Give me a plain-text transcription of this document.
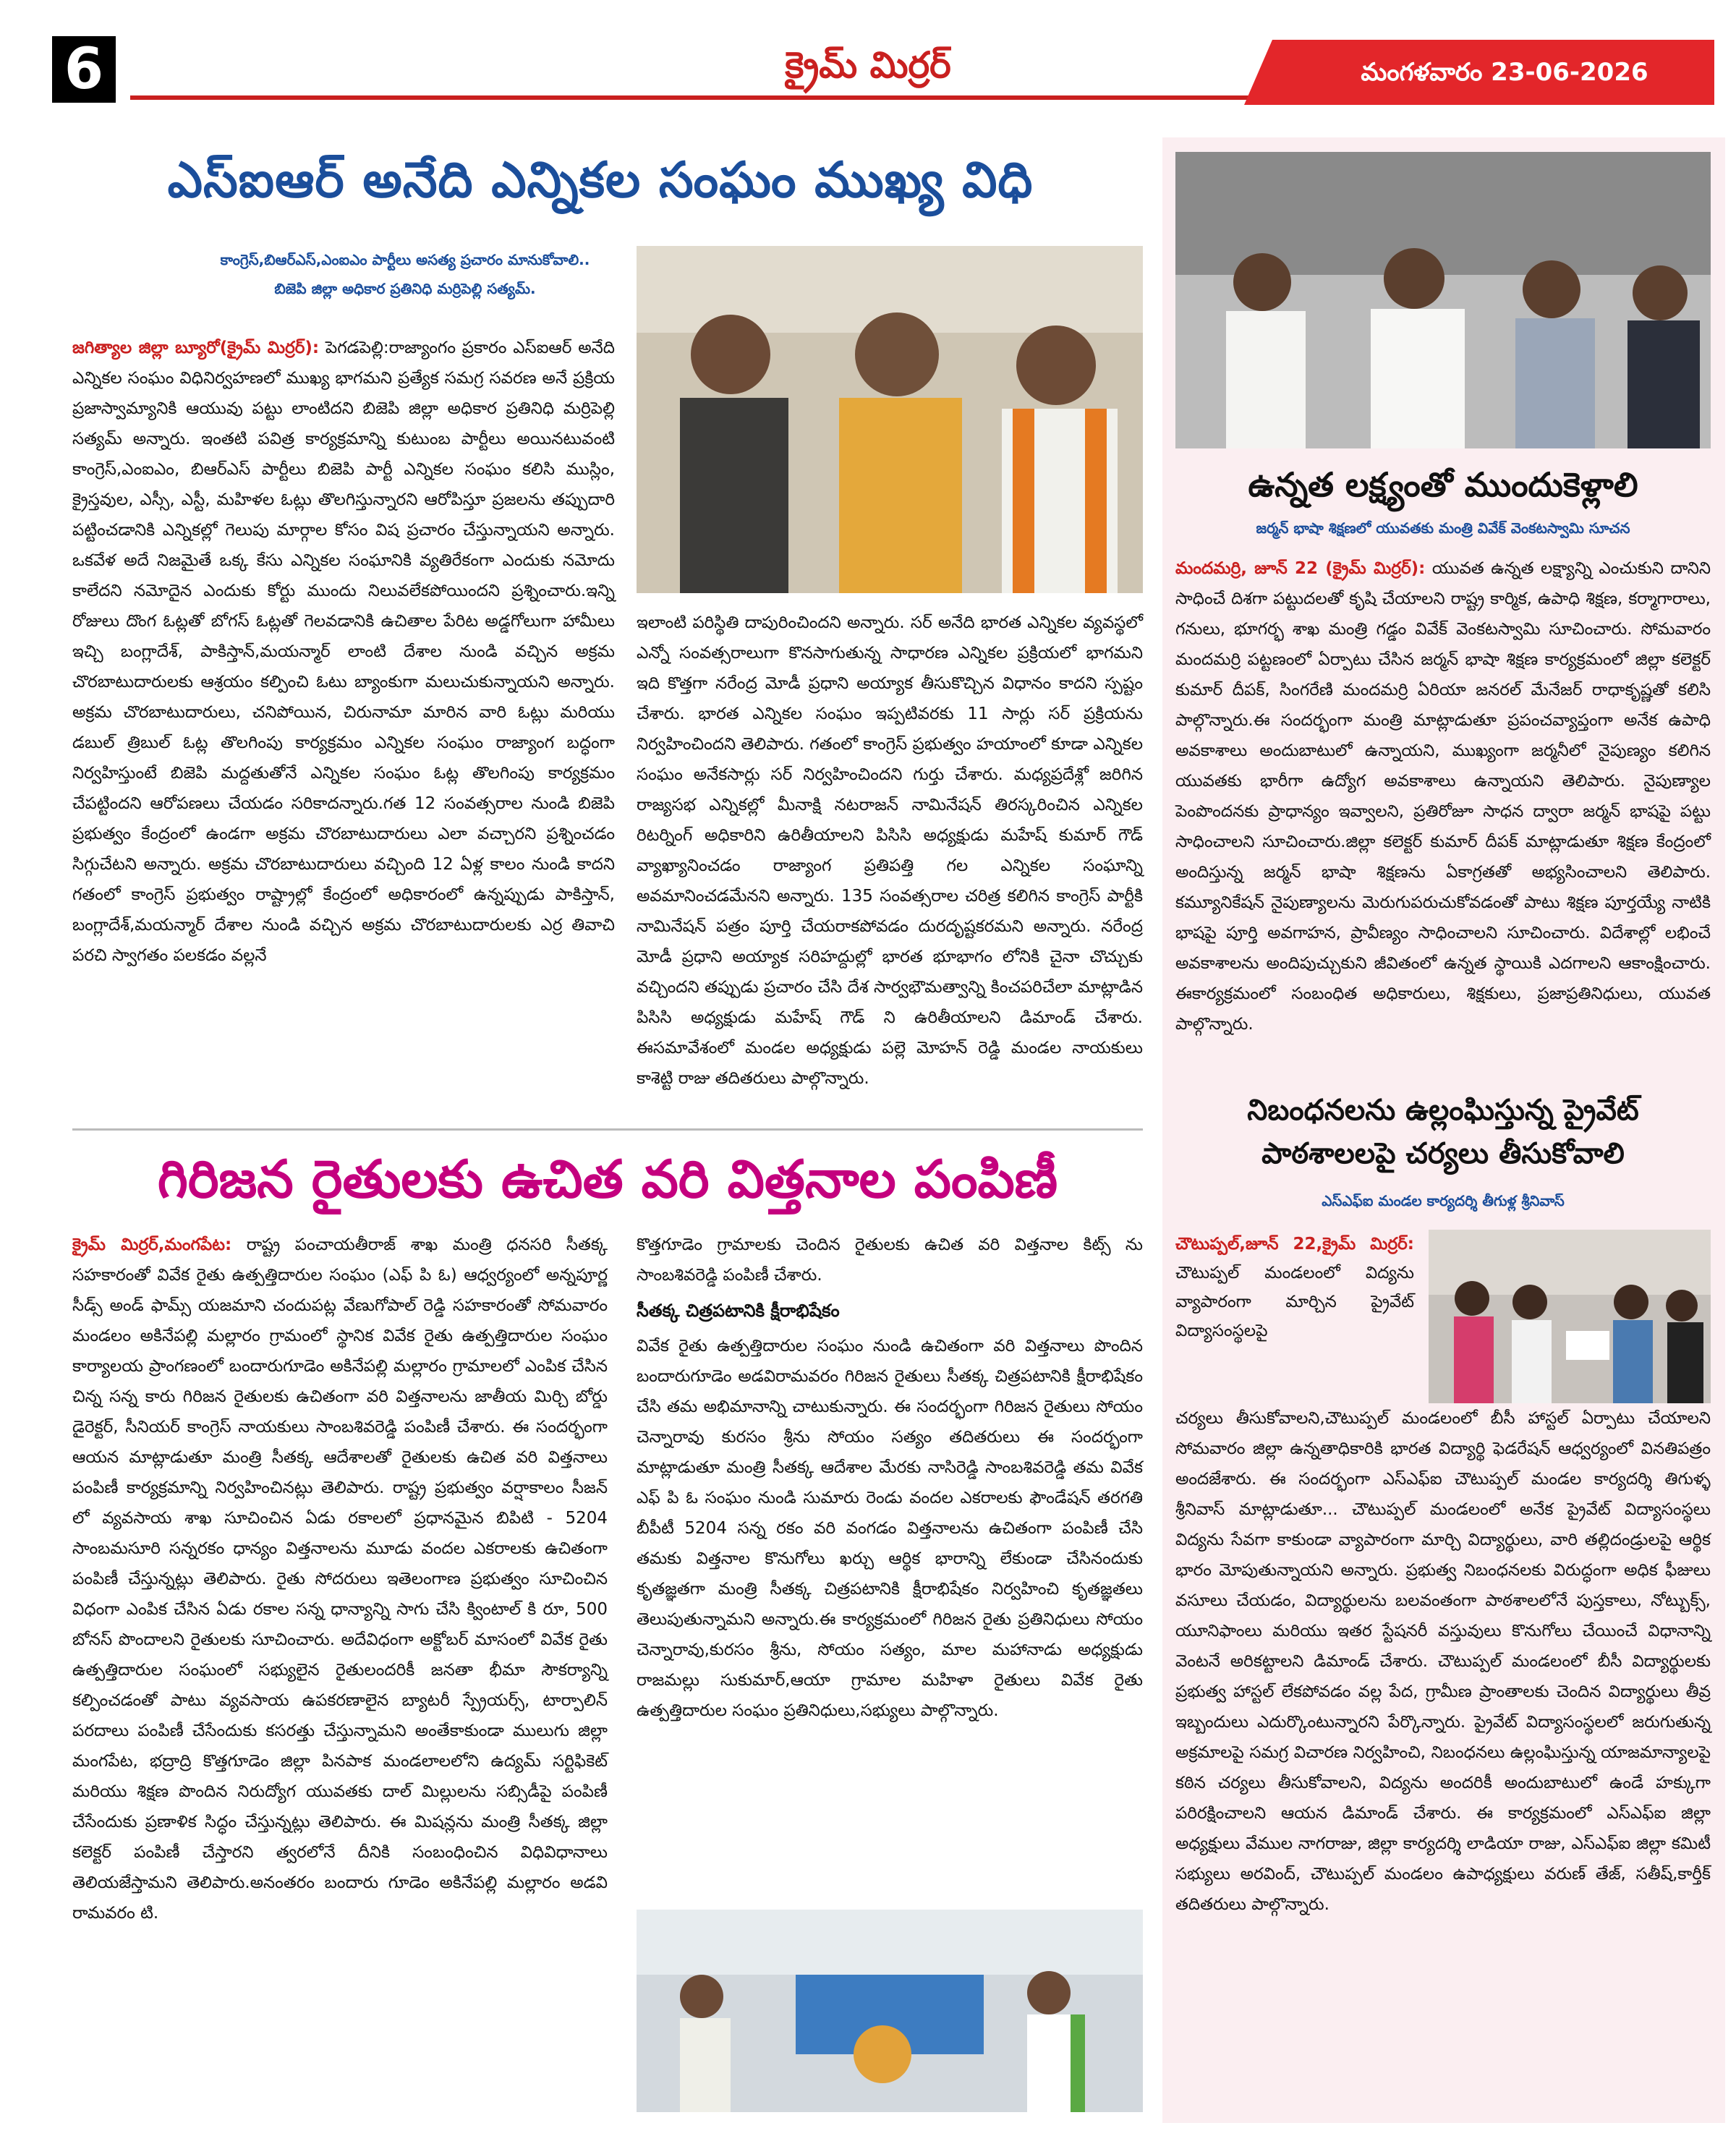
6	క్రైమ్ మిర్రర్	మంగళవారం 23-06-2026
ఎస్ఐఆర్ అనేది ఎన్నికల సంఘం ముఖ్య విధి
కాంగ్రెస్,బిఆర్ఎస్,ఎంఐఎం పార్టీలు అసత్య ప్రచారం మానుకోవాలి..
బిజెపి జిల్లా అధికార ప్రతినిధి మర్రిపెల్లి సత్యమ్.
జగిత్యాల జిల్లా బ్యూరో(క్రైమ్ మిర్రర్): పెగడపెల్లి:రాజ్యాంగం ప్రకారం ఎస్ఐఆర్ అనేది ఎన్నికల సంఘం విధినిర్వహణలో ముఖ్య భాగమని ప్రత్యేక సమగ్ర సవరణ అనే ప్రక్రియ ప్రజాస్వామ్యానికి ఆయువు పట్టు లాంటిదని బిజెపి జిల్లా అధికార ప్రతినిధి మర్రిపెల్లి సత్యమ్ అన్నారు. ఇంతటి పవిత్ర కార్యక్రమాన్ని కుటుంబ పార్టీలు అయినటువంటి కాంగ్రెస్,ఎంఐఎం, బిఆర్ఎస్ పార్టీలు బిజెపి పార్టీ ఎన్నికల సంఘం కలిసి ముస్లిం, క్రైస్తవుల, ఎస్సీ, ఎస్టీ, మహిళల ఓట్లు తొలగిస్తున్నారని ఆరోపిస్తూ ప్రజలను తప్పుదారి పట్టించడానికి ఎన్నికల్లో గెలుపు మార్గాల కోసం విష ప్రచారం చేస్తున్నాయని అన్నారు. ఒకవేళ అదే నిజమైతే ఒక్క కేసు ఎన్నికల సంఘానికి వ్యతిరేకంగా ఎందుకు నమోదు కాలేదని నమోదైన ఎందుకు కోర్టు ముందు నిలువలేకపోయిందని ప్రశ్నించారు.ఇన్ని రోజులు దొంగ ఓట్లతో బోగస్ ఓట్లతో గెలవడానికి ఉచితాల పేరిట అడ్డగోలుగా హామీలు ఇచ్చి బంగ్లాదేశ్, పాకిస్తాన్,మయన్మార్ లాంటి దేశాల నుండి వచ్చిన అక్రమ చొరబాటుదారులకు ఆశ్రయం కల్పించి ఓటు బ్యాంకుగా మలుచుకున్నాయని అన్నారు. అక్రమ చొరబాటుదారులు, చనిపోయిన, చిరునామా మారిన వారి ఓట్లు మరియు డబుల్ త్రిబుల్ ఓట్ల తొలగింపు కార్యక్రమం ఎన్నికల సంఘం రాజ్యాంగ బద్ధంగా నిర్వహిస్తుంటే బిజెపి మద్దతుతోనే ఎన్నికల సంఘం ఓట్ల తొలగింపు కార్యక్రమం చేపట్టిందని ఆరోపణలు చేయడం సరికాదన్నారు.గత 12 సంవత్సరాల నుండి బిజెపి ప్రభుత్వం కేంద్రంలో ఉండగా అక్రమ చొరబాటుదారులు ఎలా వచ్చారని ప్రశ్నించడం సిగ్గుచేటని అన్నారు. అక్రమ చొరబాటుదారులు వచ్చింది 12 ఏళ్ల కాలం నుండి కాదని గతంలో కాంగ్రెస్ ప్రభుత్వం రాష్ట్రాల్లో కేంద్రంలో అధికారంలో ఉన్నప్పుడు పాకిస్తాన్, బంగ్లాదేశ్,మయన్మార్ దేశాల నుండి వచ్చిన అక్రమ చొరబాటుదారులకు ఎర్ర తివాచి పరచి స్వాగతం పలకడం వల్లనే
ఇలాంటి పరిస్థితి దాపురించిందని అన్నారు. సర్ అనేది భారత ఎన్నికల వ్యవస్థలో ఎన్నో సంవత్సరాలుగా కొనసాగుతున్న సాధారణ ఎన్నికల ప్రక్రియలో భాగమని ఇది కొత్తగా నరేంద్ర మోడీ ప్రధాని అయ్యాక తీసుకొచ్చిన విధానం కాదని స్పష్టం చేశారు. భారత ఎన్నికల సంఘం ఇప్పటివరకు 11 సార్లు సర్ ప్రక్రియను నిర్వహించిందని తెలిపారు. గతంలో కాంగ్రెస్ ప్రభుత్వం హయాంలో కూడా ఎన్నికల సంఘం అనేకసార్లు సర్ నిర్వహించిందని గుర్తు చేశారు. మధ్యప్రదేశ్లో జరిగిన రాజ్యసభ ఎన్నికల్లో మీనాక్షి నటరాజన్ నామినేషన్ తిరస్కరించిన ఎన్నికల రిటర్నింగ్ అధికారిని ఉరితీయాలని పిసిసి అధ్యక్షుడు మహేష్ కుమార్ గౌడ్ వ్యాఖ్యానించడం రాజ్యాంగ ప్రతిపత్తి గల ఎన్నికల సంఘాన్ని అవమానించడమేనని అన్నారు. 135 సంవత్సరాల చరిత్ర కలిగిన కాంగ్రెస్ పార్టీకి నామినేషన్ పత్రం పూర్తి చేయరాకపోవడం దురదృష్టకరమని అన్నారు. నరేంద్ర మోడీ ప్రధాని అయ్యాక సరిహద్దుల్లో భారత భూభాగం లోనికి చైనా చొచ్చుకు వచ్చిందని తప్పుడు ప్రచారం చేసి దేశ సార్వభౌమత్వాన్ని కించపరిచేలా మాట్లాడిన పిసిసి అధ్యక్షుడు మహేష్ గౌడ్ ని ఉరితీయాలని డిమాండ్ చేశారు. ఈసమావేశంలో మండల అధ్యక్షుడు పల్లె మోహన్ రెడ్డి మండల నాయకులు కాశెట్టి రాజు తదితరులు పాల్గొన్నారు.
గిరిజన రైతులకు ఉచిత వరి విత్తనాల పంపిణీ
క్రైమ్ మిర్రర్,మంగపేట: రాష్ట్ర పంచాయతీరాజ్ శాఖ మంత్రి ధనసరి సీతక్క సహకారంతో వివేక రైతు ఉత్పత్తిదారుల సంఘం (ఎఫ్ పి ఓ) ఆధ్వర్యంలో అన్నపూర్ణ సీడ్స్ అండ్ ఫామ్స్ యజమాని చందుపట్ల వేణుగోపాల్ రెడ్డి సహకారంతో సోమవారం మండలం అకినేపల్లి మల్లారం గ్రామంలో స్థానిక వివేక రైతు ఉత్పత్తిదారుల సంఘం కార్యాలయ ప్రాంగణంలో బందారుగూడెం అకినేపల్లి మల్లారం గ్రామాలలో ఎంపిక చేసిన చిన్న సన్న కారు గిరిజన రైతులకు ఉచితంగా వరి విత్తనాలను జాతీయ మిర్చి బోర్డు డైరెక్టర్, సీనియర్ కాంగ్రెస్ నాయకులు సాంబశివరెడ్డి పంపిణీ చేశారు. ఈ సందర్భంగా ఆయన మాట్లాడుతూ మంత్రి సీతక్క ఆదేశాలతో రైతులకు ఉచిత వరి విత్తనాలు పంపిణీ కార్యక్రమాన్ని నిర్వహించినట్లు తెలిపారు. రాష్ట్ర ప్రభుత్వం వర్షాకాలం సీజన్ లో వ్యవసాయ శాఖ సూచించిన ఏడు రకాలలో ప్రధానమైన బిపిటి - 5204 సాంబమసూరి సన్నరకం ధాన్యం విత్తనాలను మూడు వందల ఎకరాలకు ఉచితంగా పంపిణీ చేస్తున్నట్లు తెలిపారు. రైతు సోదరులు ఇతెలంగాణ ప్రభుత్వం సూచించిన విధంగా ఎంపిక చేసిన ఏడు రకాల సన్న ధాన్యాన్ని సాగు చేసి క్వింటాల్ కి రూ, 500 బోనస్ పొందాలని రైతులకు సూచించారు. అదేవిధంగా అక్టోబర్ మాసంలో వివేక రైతు ఉత్పత్తిదారుల సంఘంలో సభ్యులైన రైతులందరికీ జనతా భీమా సౌకర్యాన్ని కల్పించడంతో పాటు వ్యవసాయ ఉపకరణాలైన బ్యాటరీ స్ప్రేయర్స్, టార్పాలిన్ పరదాలు పంపిణీ చేసేందుకు కసరత్తు చేస్తున్నామని అంతేకాకుండా ములుగు జిల్లా మంగపేట, భద్రాద్రి కొత్తగూడెం జిల్లా పినపాక మండలాలలోని ఉద్యమ్ సర్టిఫికెట్ మరియు శిక్షణ పొందిన నిరుద్యోగ యువతకు దాల్ మిల్లులను సబ్సిడీపై పంపిణీ చేసేందుకు ప్రణాళిక సిద్ధం చేస్తున్నట్లు తెలిపారు. ఈ మిషన్లను మంత్రి సీతక్క జిల్లా కలెక్టర్ పంపిణీ చేస్తారని త్వరలోనే దీనికి సంబంధించిన విధివిధానాలు తెలియజేస్తామని తెలిపారు.అనంతరం బందారు గూడెం అకినేపల్లి మల్లారం అడవి రామవరం టి.
కొత్తగూడెం గ్రామాలకు చెందిన రైతులకు ఉచిత వరి విత్తనాల కిట్స్ ను సాంబశివరెడ్డి పంపిణీ చేశారు.
సీతక్క చిత్రపటానికి క్షీరాభిషేకం
వివేక రైతు ఉత్పత్తిదారుల సంఘం నుండి ఉచితంగా వరి విత్తనాలు పొందిన బందారుగూడెం అడవిరామవరం గిరిజన రైతులు సీతక్క చిత్రపటానికి క్షీరాభిషేకం చేసి తమ అభిమానాన్ని చాటుకున్నారు. ఈ సందర్భంగా గిరిజన రైతులు సోయం చెన్నారావు కురసం శ్రీను సోయం సత్యం తదితరులు ఈ సందర్భంగా మాట్లాడుతూ మంత్రి సీతక్క ఆదేశాల మేరకు నాసిరెడ్డి సాంబశివరెడ్డి తమ వివేక ఎఫ్ పి ఓ సంఘం నుండి సుమారు రెండు వందల ఎకరాలకు ఫౌండేషన్ తరగతి బీపీటీ 5204 సన్న రకం వరి వంగడం విత్తనాలను ఉచితంగా పంపిణీ చేసి తమకు విత్తనాల కొనుగోలు ఖర్చు ఆర్థిక భారాన్ని లేకుండా చేసినందుకు కృతజ్ఞతగా మంత్రి సీతక్క చిత్రపటానికి క్షీరాభిషేకం నిర్వహించి కృతజ్ఞతలు తెలుపుతున్నామని అన్నారు.ఈ కార్యక్రమంలో గిరిజన రైతు ప్రతినిధులు సోయం చెన్నారావు,కురసం శ్రీను, సోయం సత్యం, మాల మహానాడు అధ్యక్షుడు రాజమల్లు సుకుమార్,ఆయా గ్రామాల మహిళా రైతులు వివేక రైతు ఉత్పత్తిదారుల సంఘం ప్రతినిధులు,సభ్యులు పాల్గొన్నారు.
ఉన్నత లక్ష్యంతో ముందుకెళ్లాలి
జర్మన్ భాషా శిక్షణలో యువతకు మంత్రి వివేక్ వెంకటస్వామి సూచన
మందమర్రి, జూన్ 22 (క్రైమ్ మిర్రర్): యువత ఉన్నత లక్ష్యాన్ని ఎంచుకుని దానిని సాధించే దిశగా పట్టుదలతో కృషి చేయాలని రాష్ట్ర కార్మిక, ఉపాధి శిక్షణ, కర్మాగారాలు, గనులు, భూగర్భ శాఖ మంత్రి గడ్డం వివేక్ వెంకటస్వామి సూచించారు. సోమవారం మందమర్రి పట్టణంలో ఏర్పాటు చేసిన జర్మన్ భాషా శిక్షణ కార్యక్రమంలో జిల్లా కలెక్టర్ కుమార్ దీపక్, సింగరేణి మందమర్రి ఏరియా జనరల్ మేనేజర్ రాధాకృష్ణతో కలిసి పాల్గొన్నారు.ఈ సందర్భంగా మంత్రి మాట్లాడుతూ ప్రపంచవ్యాప్తంగా అనేక ఉపాధి అవకాశాలు అందుబాటులో ఉన్నాయని, ముఖ్యంగా జర్మనీలో నైపుణ్యం కలిగిన యువతకు భారీగా ఉద్యోగ అవకాశాలు ఉన్నాయని తెలిపారు. నైపుణ్యాల పెంపొందనకు ప్రాధాన్యం ఇవ్వాలని, ప్రతిరోజూ సాధన ద్వారా జర్మన్ భాషపై పట్టు సాధించాలని సూచించారు.జిల్లా కలెక్టర్ కుమార్ దీపక్ మాట్లాడుతూ శిక్షణ కేంద్రంలో అందిస్తున్న జర్మన్ భాషా శిక్షణను ఏకాగ్రతతో అభ్యసించాలని తెలిపారు. కమ్యూనికేషన్ నైపుణ్యాలను మెరుగుపరుచుకోవడంతో పాటు శిక్షణ పూర్తయ్యే నాటికి భాషపై పూర్తి అవగాహన, ప్రావీణ్యం సాధించాలని సూచించారు. విదేశాల్లో లభించే అవకాశాలను అందిపుచ్చుకుని జీవితంలో ఉన్నత స్థాయికి ఎదగాలని ఆకాంక్షించారు. ఈకార్యక్రమంలో సంబంధిత అధికారులు, శిక్షకులు, ప్రజాప్రతినిధులు, యువత పాల్గొన్నారు.
నిబంధనలను ఉల్లంఘిస్తున్న ప్రైవేట్
పాఠశాలలపై చర్యలు తీసుకోవాలి
ఎస్ఎఫ్ఐ మండల కార్యదర్శి తీగుళ్ల శ్రీనివాస్
చౌటుప్పల్,జూన్ 22,క్రైమ్ మిర్రర్: చౌటుప్పల్ మండలంలో విద్యను వ్యాపారంగా మార్చిన ప్రైవేట్ విద్యాసంస్థలపై
చర్యలు తీసుకోవాలని,చౌటుప్పల్ మండలంలో బీసీ హాస్టల్ ఏర్పాటు చేయాలని సోమవారం జిల్లా ఉన్నతాధికారికి భారత విద్యార్థి ఫెడరేషన్ ఆధ్వర్యంలో వినతిపత్రం అందజేశారు. ఈ సందర్భంగా ఎస్ఎఫ్ఐ చౌటుప్పల్ మండల కార్యదర్శి తిగుళ్ళ శ్రీనివాస్ మాట్లాడుతూ... చౌటుప్పల్ మండలంలో అనేక ప్రైవేట్ విద్యాసంస్థలు విద్యను సేవగా కాకుండా వ్యాపారంగా మార్చి విద్యార్థులు, వారి తల్లిదండ్రులపై ఆర్థిక భారం మోపుతున్నాయని అన్నారు. ప్రభుత్వ నిబంధనలకు విరుద్ధంగా అధిక ఫీజులు వసూలు చేయడం, విద్యార్థులను బలవంతంగా పాఠశాలలోనే పుస్తకాలు, నోట్బుక్స్, యూనిఫాంలు మరియు ఇతర స్టేషనరీ వస్తువులు కొనుగోలు చేయించే విధానాన్ని వెంటనే అరికట్టాలని డిమాండ్ చేశారు. చౌటుప్పల్ మండలంలో బీసీ విద్యార్థులకు ప్రభుత్వ హాస్టల్ లేకపోవడం వల్ల పేద, గ్రామీణ ప్రాంతాలకు చెందిన విద్యార్థులు తీవ్ర ఇబ్బందులు ఎదుర్కొంటున్నారని పేర్కొన్నారు. ప్రైవేట్ విద్యాసంస్థలలో జరుగుతున్న అక్రమాలపై సమగ్ర విచారణ నిర్వహించి, నిబంధనలు ఉల్లంఘిస్తున్న యాజమాన్యాలపై కఠిన చర్యలు తీసుకోవాలని, విద్యను అందరికీ అందుబాటులో ఉండే హక్కుగా పరిరక్షించాలని ఆయన డిమాండ్ చేశారు. ఈ కార్యక్రమంలో ఎస్ఎఫ్ఐ జిల్లా అధ్యక్షులు వేముల నాగరాజు, జిల్లా కార్యదర్శి లాడియా రాజు, ఎస్ఎఫ్ఐ జిల్లా కమిటీ సభ్యులు అరవింద్, చౌటుప్పల్ మండలం ఉపాధ్యక్షులు వరుణ్ తేజ్, సతీష్,కార్తీక్ తదితరులు పాల్గొన్నారు.
